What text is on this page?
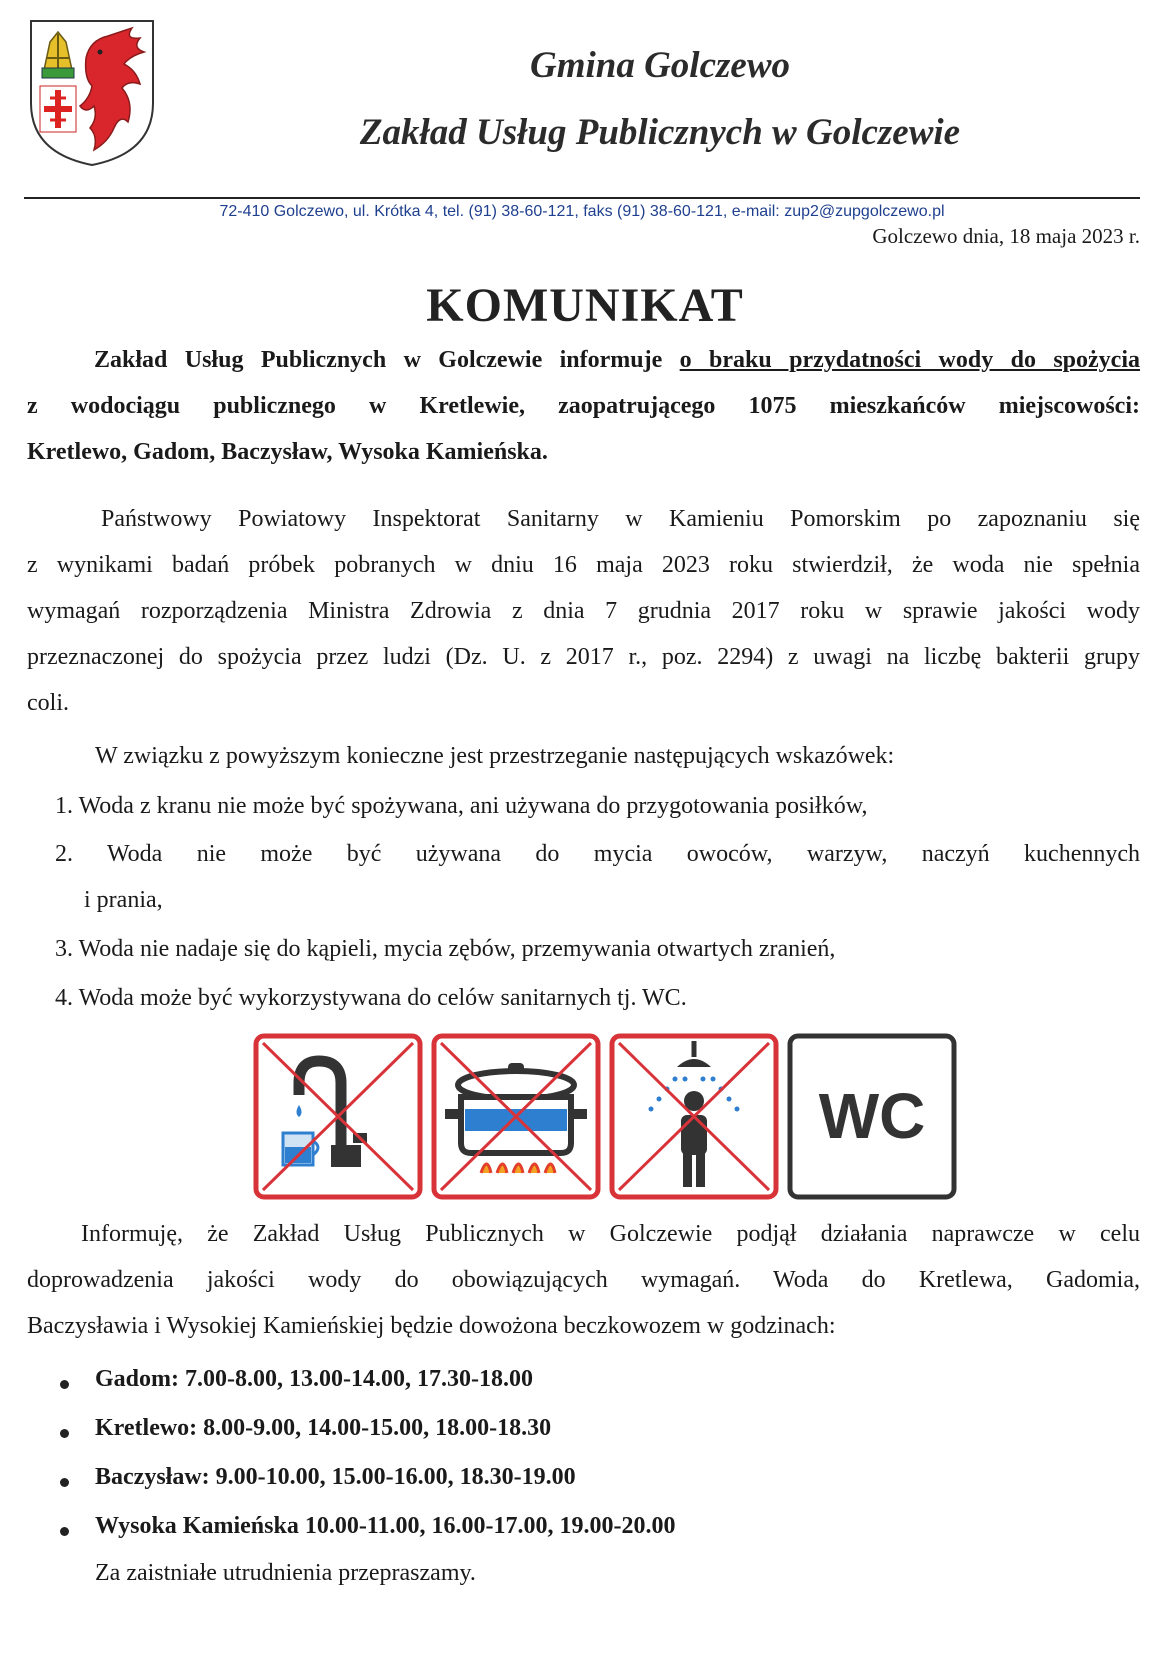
Gmina Golczewo
Zakład Usług Publicznych w Golczewie
72-410 Golczewo, ul. Krótka 4, tel. (91) 38-60-121, faks (91) 38-60-121, e-mail: zup2@zupgolczewo.pl
Golczewo dnia, 18 maja 2023 r.
KOMUNIKAT
Zakład Usług Publicznych w Golczewie informuje o braku przydatności wody do spożycia
z wodociągu publicznego w Kretlewie, zaopatrującego 1075 mieszkańców miejscowości:
Kretlewo, Gadom, Baczysław, Wysoka Kamieńska.
Państwowy Powiatowy Inspektorat Sanitarny w Kamieniu Pomorskim po zapoznaniu się
z wynikami badań próbek pobranych w dniu 16 maja 2023 roku stwierdził, że woda nie spełnia
wymagań rozporządzenia Ministra Zdrowia z dnia 7 grudnia 2017 roku w sprawie jakości wody
przeznaczonej do spożycia przez ludzi (Dz. U. z 2017 r., poz. 2294) z uwagi na liczbę bakterii grupy
coli.
W związku z powyższym konieczne jest przestrzeganie następujących wskazówek:
1. Woda z kranu nie może być spożywana, ani używana do przygotowania posiłków,
2. Woda nie może być używana do mycia owoców, warzyw, naczyń kuchennych
i prania,
3. Woda nie nadaje się do kąpieli, mycia zębów, przemywania otwartych zranień,
4. Woda może być wykorzystywana do celów sanitarnych tj. WC.
WC
Informuję, że Zakład Usług Publicznych w Golczewie podjął działania naprawcze w celu
doprowadzenia jakości wody do obowiązujących wymagań. Woda do Kretlewa, Gadomia,
Baczysławia i Wysokiej Kamieńskiej będzie dowożona beczkowozem w godzinach:
Gadom: 7.00-8.00, 13.00-14.00, 17.30-18.00
Kretlewo: 8.00-9.00, 14.00-15.00, 18.00-18.30
Baczysław: 9.00-10.00, 15.00-16.00, 18.30-19.00
Wysoka Kamieńska 10.00-11.00, 16.00-17.00, 19.00-20.00
Za zaistniałe utrudnienia przepraszamy.
